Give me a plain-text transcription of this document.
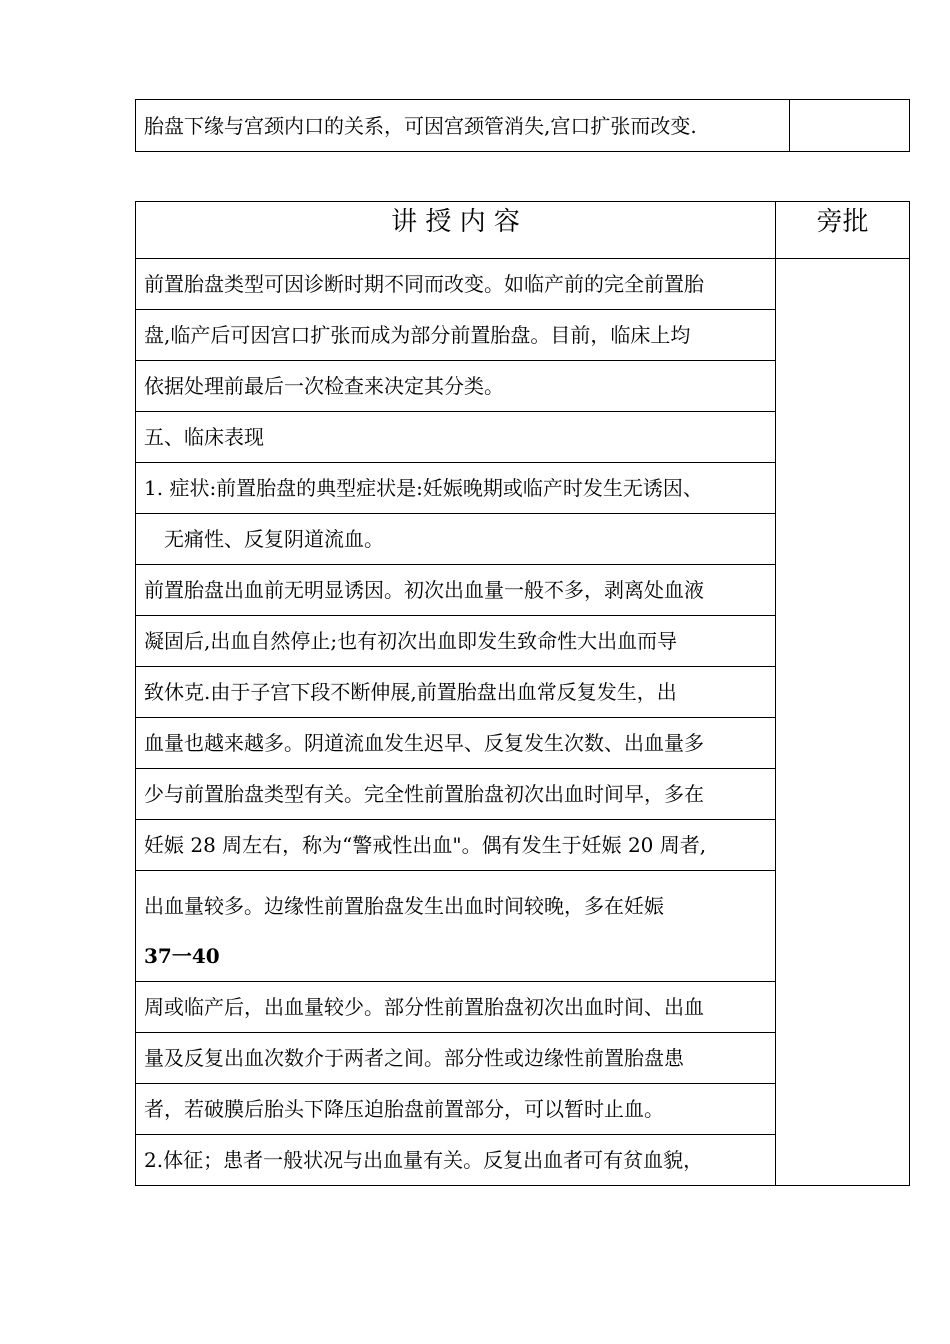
胎盘下缘与宫颈内口的关系，可因宫颈管消失,宫口扩张而改变.	
讲 授 内 容	旁批
前置胎盘类型可因诊断时期不同而改变。如临产前的完全前置胎	
盘,临产后可因宫口扩张而成为部分前置胎盘。目前，临床上均	
依据处理前最后一次检查来决定其分类。	
五、临床表现	
1. 症状:前置胎盘的典型症状是:妊娠晚期或临产时发生无诱因、	
无痛性、反复阴道流血。	
前置胎盘出血前无明显诱因。初次出血量一般不多，剥离处血液	
凝固后,出血自然停止;也有初次出血即发生致命性大出血而导	
致休克.由于子宫下段不断伸展,前置胎盘出血常反复发生，出	
血量也越来越多。阴道流血发生迟早、反复发生次数、出血量多	
少与前置胎盘类型有关。完全性前置胎盘初次出血时间早，多在	
妊娠 28 周左右，称为“警戒性出血"。偶有发生于妊娠 20 周者,	
出血量较多。边缘性前置胎盘发生出血时间较晚，多在妊娠
37一40	
周或临产后，出血量较少。部分性前置胎盘初次出血时间、出血	
量及反复出血次数介于两者之间。部分性或边缘性前置胎盘患	
者，若破膜后胎头下降压迫胎盘前置部分，可以暂时止血。	
2.体征；患者一般状况与出血量有关。反复出血者可有贫血貌，	
